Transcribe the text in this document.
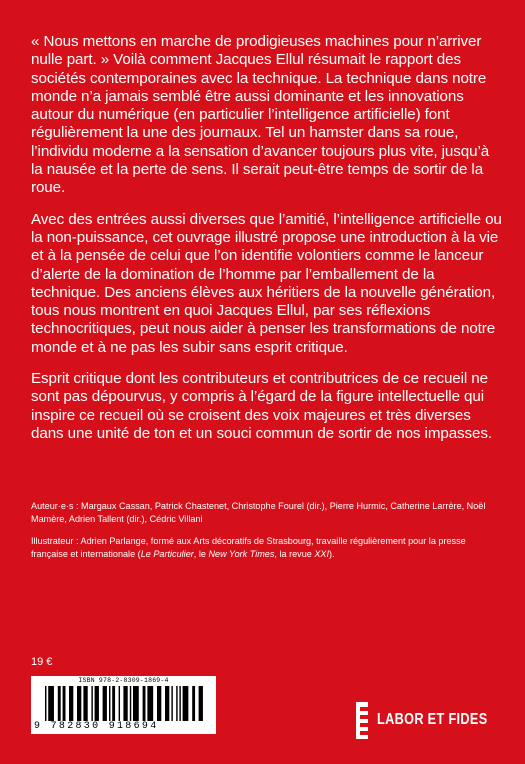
« Nous mettons en marche de prodigieuses machines pour n’arriver nulle part. » Voilà comment Jacques Ellul résumait le rapport des sociétés contemporaines avec la technique. La technique dans notre monde n’a jamais semblé être aussi dominante et les innovations autour du numérique (en particulier l’intelligence artificielle) font régulièrement la une des journaux. Tel un hamster dans sa roue, l’individu moderne a la sensation d’avancer toujours plus vite, jusqu’à la nausée et la perte de sens. Il serait peut-être temps de sortir de la roue.

Avec des entrées aussi diverses que l’amitié, l’intelligence artificielle ou la non-puissance, cet ouvrage illustré propose une introduction à la vie et à la pensée de celui que l’on identifie volontiers comme le lanceur d’alerte de la domination de l’homme par l’emballement de la technique. Des anciens élèves aux héritiers de la nouvelle génération, tous nous montrent en quoi Jacques Ellul, par ses réflexions technocritiques, peut nous aider à penser les transformations de notre monde et à ne pas les subir sans esprit critique.

Esprit critique dont les contributeurs et contributrices de ce recueil ne sont pas dépourvus, y compris à l’égard de la figure intellectuelle qui inspire ce recueil où se croisent des voix majeures et très diverses dans une unité de ton et un souci commun de sortir de nos impasses.

Auteur·e·s : Margaux Cassan, Patrick Chastenet, Christophe Fourel (dir.), Pierre Hurmic, Catherine Larrère, Noël Mamère, Adrien Tallent (dir.), Cédric Villani

Illustrateur : Adrien Parlange, formé aux Arts décoratifs de Strasbourg, travaille régulièrement pour la presse française et internationale (Le Particulier, le New York Times, la revue XXI).

19 €
ISBN 978-2-8309-1869-4
9 782830 918694	LABOR ET FIDES
